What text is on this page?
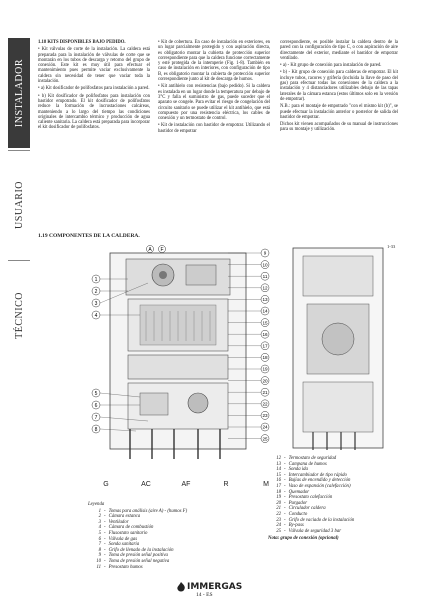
INSTALADOR
USUARIO
TÉCNICO

1.18 KITS DISPONIBLES BAJO PEDIDO.

• Kit válvulas de corte de la instalación. La caldera está preparada para la instalación de válvulas de corte que se montarán en los tubos de descarga y retorno del grupo de conexión. Este kit es muy útil para efectuar el mantenimiento pues permite vaciar exclusivamente la caldera sin necesidad de tener que vaciar toda la instalación.

• a) Kit dosificador de polifosfatos para instalación a pared.

• b) Kit dosificador de polifosfatos para instalación con bastidor empotrado. El kit dosificador de polifosfatos reduce la formación de incrustaciones calcáreas, manteniendo a lo largo del tiempo las condiciones originales de intercambio térmico y producción de agua caliente sanitaria. La caldera está preparada para incorporar el kit dosificador de polifosfatos.

• Kit de cobertura. En caso de instalación en exteriores, en un lugar parcialmente protegido y con aspiración directa, es obligatorio montar la cubierta de protección superior correspondiente para que la caldera funcione correctamente y esté protegida de la intemperie (Fig. 1-8). También en caso de instalación en interiores, con configuración de tipo B, es obligatorio montar la cubierta de protección superior correspondiente junto al kit de descarga de humos.

• Kit antihielo con resistencias (bajo pedido). Si la caldera es instalada en un lugar donde la temperatura por debajo de 3°C y falla el suministro de gas, puede suceder que el aparato se congele. Para evitar el riesgo de congelación del circuito sanitario se puede utilizar el kit antihielo, que está compuesto por una resistencia eléctrica, los cables de conexión y un termostato de control.

• Kit de instalación con bastidor de empotrar. Utilizando el bastidor de empotrar

correspondiente, es posible instalar la caldera dentro de la pared con la configuración de tipo C, o con aspiración de aire directamente del exterior, mediante el bastidor de empotrar ventilado.

• a) - Kit grupo de conexión para instalación de pared.

• b) - Kit grupo de conexión para calderas de empotrar. El kit incluye tubos, racores y grifería (incluida la llave de paso del gas) para efectuar todas las conexiones de la caldera a la instalación y 4 distanciadores utilizables debajo de las tapas laterales de la cámara estanca (estos últimos solo en la versión de empotrar).

N.B.: para el montaje de empotrado "con el mismo kit (b)", se puede efectuar la instalación anterior o posterior de salida del bastidor de empotrar.

Dichos kit vienen acompañados de su manual de instrucciones para su montaje y utilización.

1.19 COMPONENTES DE LA CALDERA.
1-33
A F
1
2
3
4
5
6
7
8
9
10
11
12
13
14
15
16
17
18
19
20
21
22
23
24
25
G	AC	AF	R	M
Leyenda
1 - Tomas para análisis (aire A) - (humos F)
2 - Cámara estanca
3 - Ventilador
4 - Cámara de combustión
5 - Flusostato sanitario
6 - Válvula de gas
7 - Sonda sanitaria
8 - Grifo de llenado de la instalación
9 - Toma de presión señal positiva
10 - Toma de presión señal negativa
11 - Presostato humos
12 - Termostato de seguridad
13 - Campana de humos
14 - Sonda ida
15 - Intercambiador de tipo rápido
16 - Bujías de encendido y detección
17 - Vaso de expansión (calefacción)
18 - Quemador
19 - Presostato calefacción
20 - Purgador
21 - Circulador caldera
22 - Conducto
23 - Grifo de vaciado de la instalación
24 - By-pass
25 - Válvula de seguridad 3 bar
Nota: grupo de conexión (opcional)
IMMERGAS
14 - ES
